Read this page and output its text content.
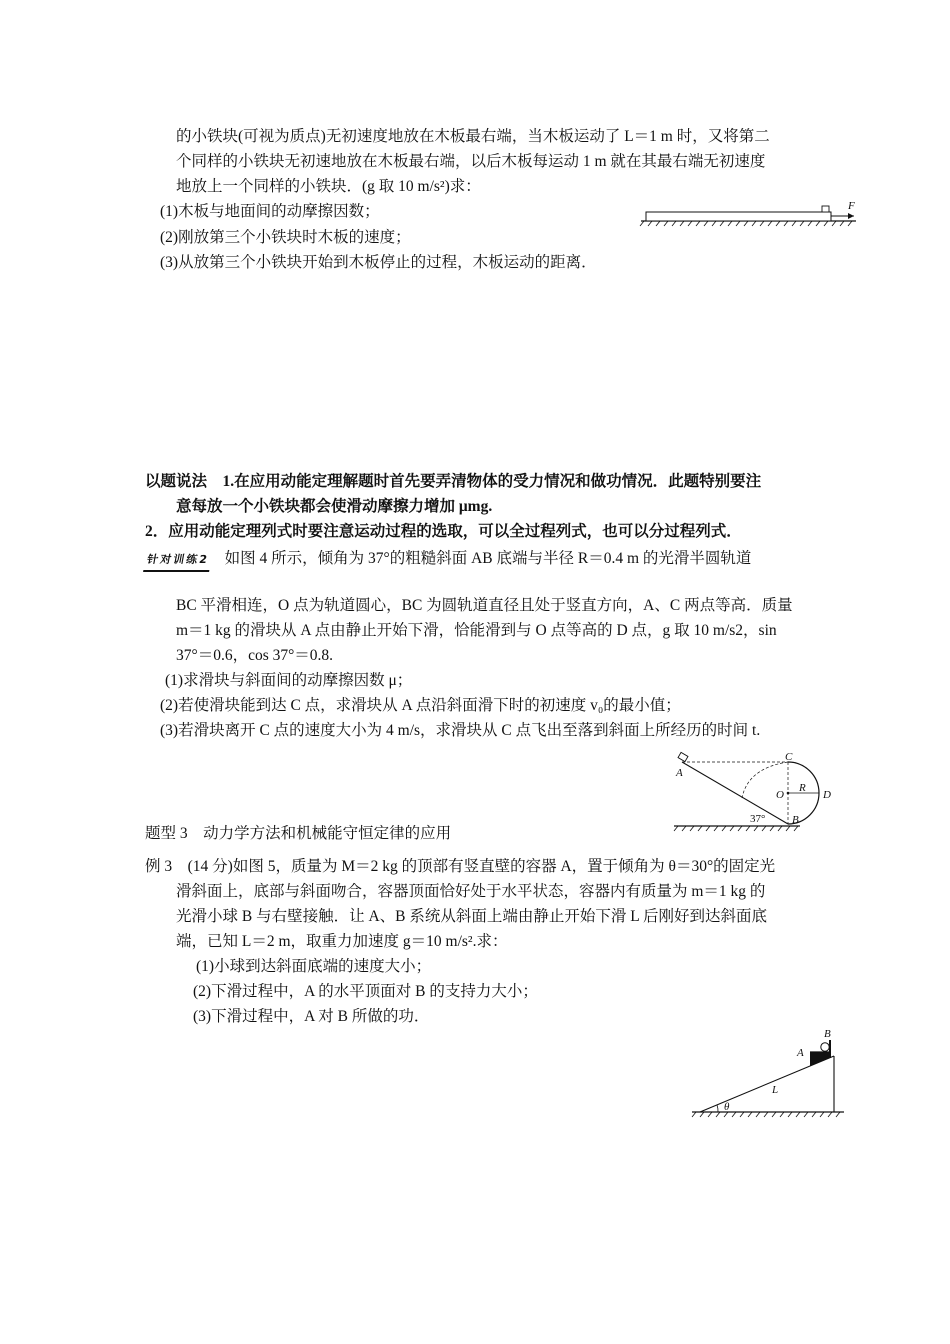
的小铁块(可视为质点)无初速度地放在木板最右端，当木板运动了 L＝1 m 时，又将第二
个同样的小铁块无初速地放在木板最右端，以后木板每运动 1 m 就在其最右端无初速度
地放上一个同样的小铁块．(g 取 10 m/s²)求：
(1)木板与地面间的动摩擦因数；
(2)刚放第三个小铁块时木板的速度；
(3)从放第三个小铁块开始到木板停止的过程，木板运动的距离．
F
以题说法　1.在应用动能定理解题时首先要弄清物体的受力情况和做功情况．此题特别要注
意每放一个小铁块都会使滑动摩擦力增加 μmg.
2．应用动能定理列式时要注意运动过程的选取，可以全过程列式，也可以分过程列式．
针对训练2 如图 4 所示，倾角为 37°的粗糙斜面 AB 底端与半径 R＝0.4 m 的光滑半圆轨道
BC 平滑相连，O 点为轨道圆心，BC 为圆轨道直径且处于竖直方向，A、C 两点等高．质量
m＝1 kg 的滑块从 A 点由静止开始下滑，恰能滑到与 O 点等高的 D 点，g 取 10 m/s2，sin
37°＝0.6，cos 37°＝0.8.
(1)求滑块与斜面间的动摩擦因数 μ；
(2)若使滑块能到达 C 点，求滑块从 A 点沿斜面滑下时的初速度 v₀的最小值；
(3)若滑块离开 C 点的速度大小为 4 m/s，求滑块从 C 点飞出至落到斜面上所经历的时间 t.
A
C
O
R
D
B
37°
题型 3　动力学方法和机械能守恒定律的应用
例 3　(14 分)如图 5，质量为 M＝2 kg 的顶部有竖直壁的容器 A，置于倾角为 θ＝30°的固定光
滑斜面上，底部与斜面吻合，容器顶面恰好处于水平状态，容器内有质量为 m＝1 kg 的
光滑小球 B 与右壁接触．让 A、B 系统从斜面上端由静止开始下滑 L 后刚好到达斜面底
端，已知 L＝2 m，取重力加速度 g＝10 m/s².求：
(1)小球到达斜面底端的速度大小；
(2)下滑过程中，A 的水平顶面对 B 的支持力大小；
(3)下滑过程中，A 对 B 所做的功．
B
A
L
θ
